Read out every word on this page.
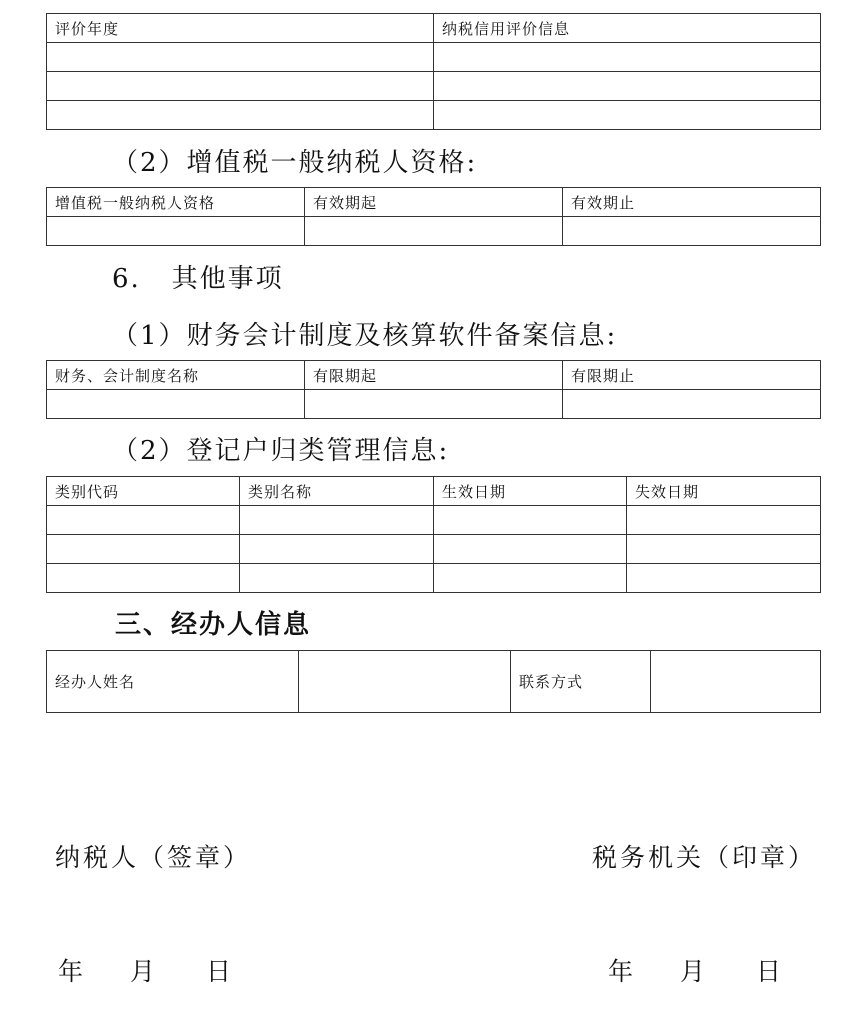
评价年度	纳税信用评价信息

（2）增值税一般纳税人资格:
增值税一般纳税人资格	有效期起	有效期止

6.   其他事项
（1）财务会计制度及核算软件备案信息:
财务、会计制度名称	有限期起	有限期止

（2）登记户归类管理信息:
类别代码	类别名称	生效日期	失效日期

三、经办人信息
经办人姓名		联系方式	
纳税人（签章）	税务机关（印章）
年 月 日	年 月 日
